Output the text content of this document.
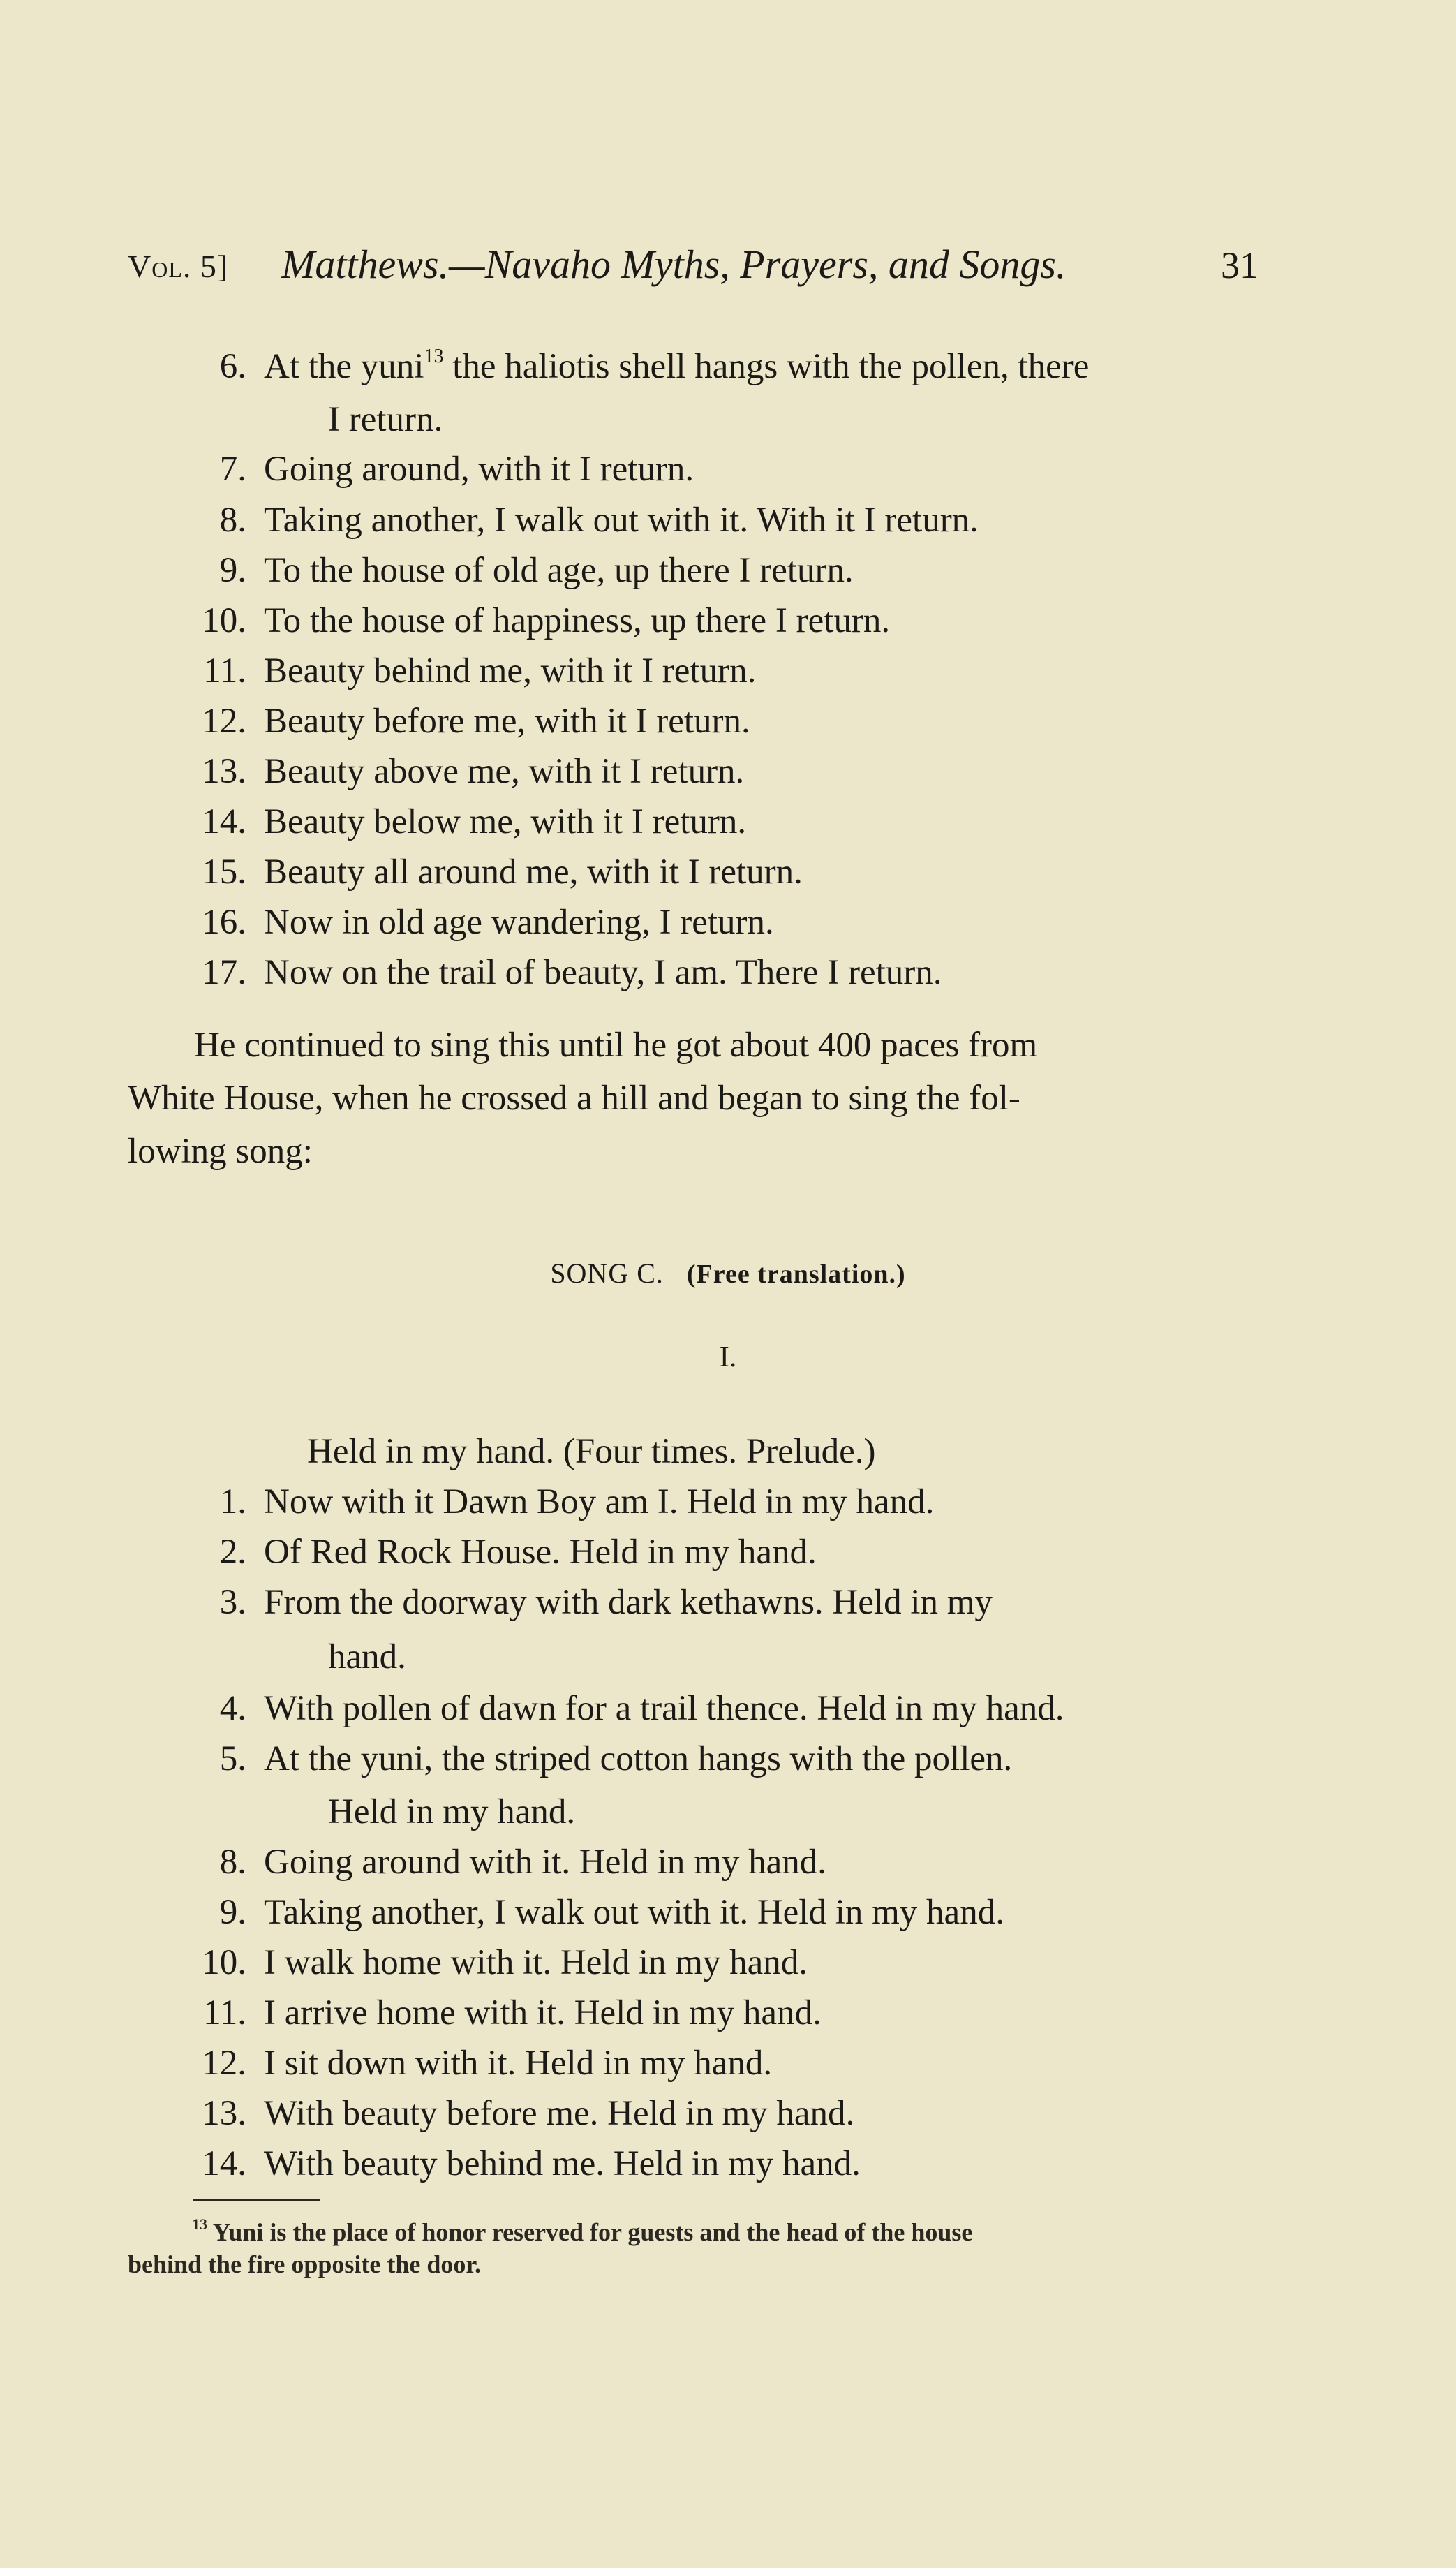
Vol. 5] Matthews.—Navaho Myths, Prayers, and Songs.	31
6. At the yuni$^{13}$ the haliotis shell hangs with the pollen, there
I return.
7. Going around, with it I return.
8. Taking another, I walk out with it. With it I return.
9. To the house of old age, up there I return.
10. To the house of happiness, up there I return.
11. Beauty behind me, with it I return.
12. Beauty before me, with it I return.
13. Beauty above me, with it I return.
14. Beauty below me, with it I return.
15. Beauty all around me, with it I return.
16. Now in old age wandering, I return.
17. Now on the trail of beauty, I am. There I return.
He continued to sing this until he got about 400 paces from
White House, when he crossed a hill and began to sing the fol-
lowing song:
SONG C. (Free translation.)
I.
Held in my hand. (Four times. Prelude.)
1. Now with it Dawn Boy am I. Held in my hand.
2. Of Red Rock House. Held in my hand.
3. From the doorway with dark kethawns. Held in my
hand.
4. With pollen of dawn for a trail thence. Held in my hand.
5. At the yuni, the striped cotton hangs with the pollen.
Held in my hand.
8. Going around with it. Held in my hand.
9. Taking another, I walk out with it. Held in my hand.
10. I walk home with it. Held in my hand.
11. I arrive home with it. Held in my hand.
12. I sit down with it. Held in my hand.
13. With beauty before me. Held in my hand.
14. With beauty behind me. Held in my hand.
$^{13}$ Yuni is the place of honor reserved for guests and the head of the house
behind the fire opposite the door.
